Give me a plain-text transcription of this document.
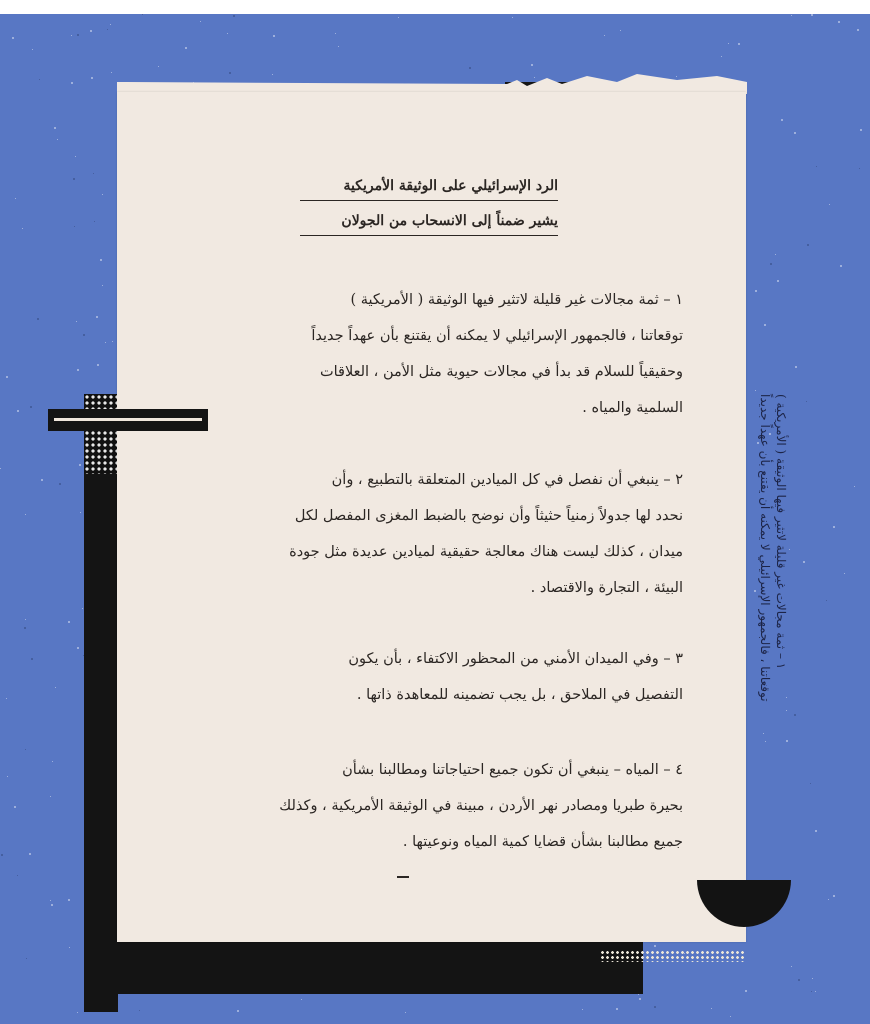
الرد الإسرائيلي على الوثيقة الأمريكية
يشير ضمناً إلى الانسحاب من الجولان
١ – ثمة مجالات غير قليلة لاتثير فيها الوثيقة ( الأمريكية )
توقعاتنا ، فالجمهور الإسرائيلي لا يمكنه أن يقتنع بأن عهداً جديداً
وحقيقياً للسلام قد بدأ في مجالات حيوية مثل الأمن ، العلاقات
السلمية والمياه .
٢ – ينبغي أن نفصل في كل الميادين المتعلقة بالتطبيع ، وأن
نحدد لها جدولاً زمنياً حثيثاً وأن نوضح بالضبط المغزى المفصل لكل
ميدان ، كذلك ليست هناك معالجة حقيقية لميادين عديدة مثل جودة
البيئة ، التجارة والاقتصاد .
٣ – وفي الميدان الأمني من المحظور الاكتفاء ، بأن يكون
التفصيل في الملاحق ، بل يجب تضمينه للمعاهدة ذاتها .
٤ – المياه – ينبغي أن تكون جميع احتياجاتنا ومطالبنا بشأن
بحيرة طبريا ومصادر نهر الأردن ، مبينة في الوثيقة الأمريكية ، وكذلك
جميع مطالبنا بشأن قضايا كمية المياه ونوعيتها .
١ – ثمة مجالات غير قليلة لاتثير فيها الوثيقة ( الأمريكية )
توقعاتنا ، فالجمهور الإسرائيلي لا يمكنه أن يقتنع بأن عهداً جديداً
